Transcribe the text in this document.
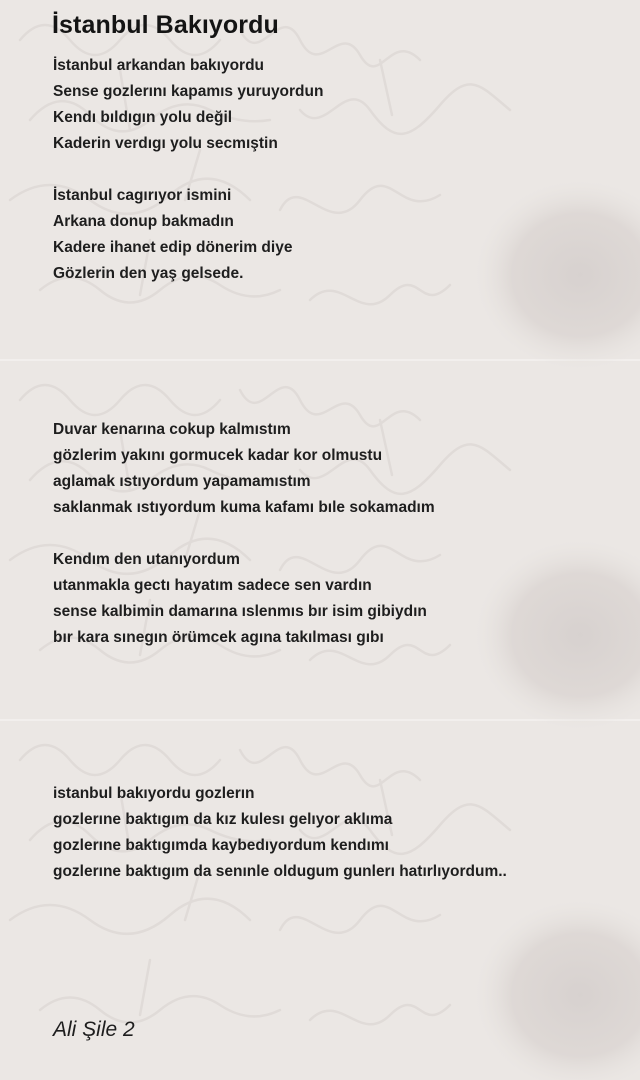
İstanbul Bakıyordu
İstanbul arkandan bakıyordu
Sense gozlerını kapamıs yuruyordun
Kendı bıldıgın yolu değil
Kaderin verdıgı yolu secmıştin
İstanbul cagırıyor ismini
Arkana donup bakmadın
Kadere ihanet edip dönerim diye
Gözlerin den yaş gelsede.
Duvar kenarına cokup kalmıstım
gözlerim yakını gormucek kadar kor olmustu
aglamak ıstıyordum yapamamıstım
saklanmak ıstıyordum kuma kafamı bıle sokamadım
Kendım den utanıyordum
utanmakla gectı hayatım sadece sen vardın
sense kalbimin damarına ıslenmıs bır isim gibiydın
bır kara sınegın örümcek agına takılması gıbı
istanbul bakıyordu gozlerın
gozlerıne baktıgım da kız kulesı gelıyor aklıma
gozlerıne baktıgımda kaybedıyordum kendımı
gozlerıne baktıgım da senınle oldugum gunlerı hatırlıyordum..
Ali Şile 2
